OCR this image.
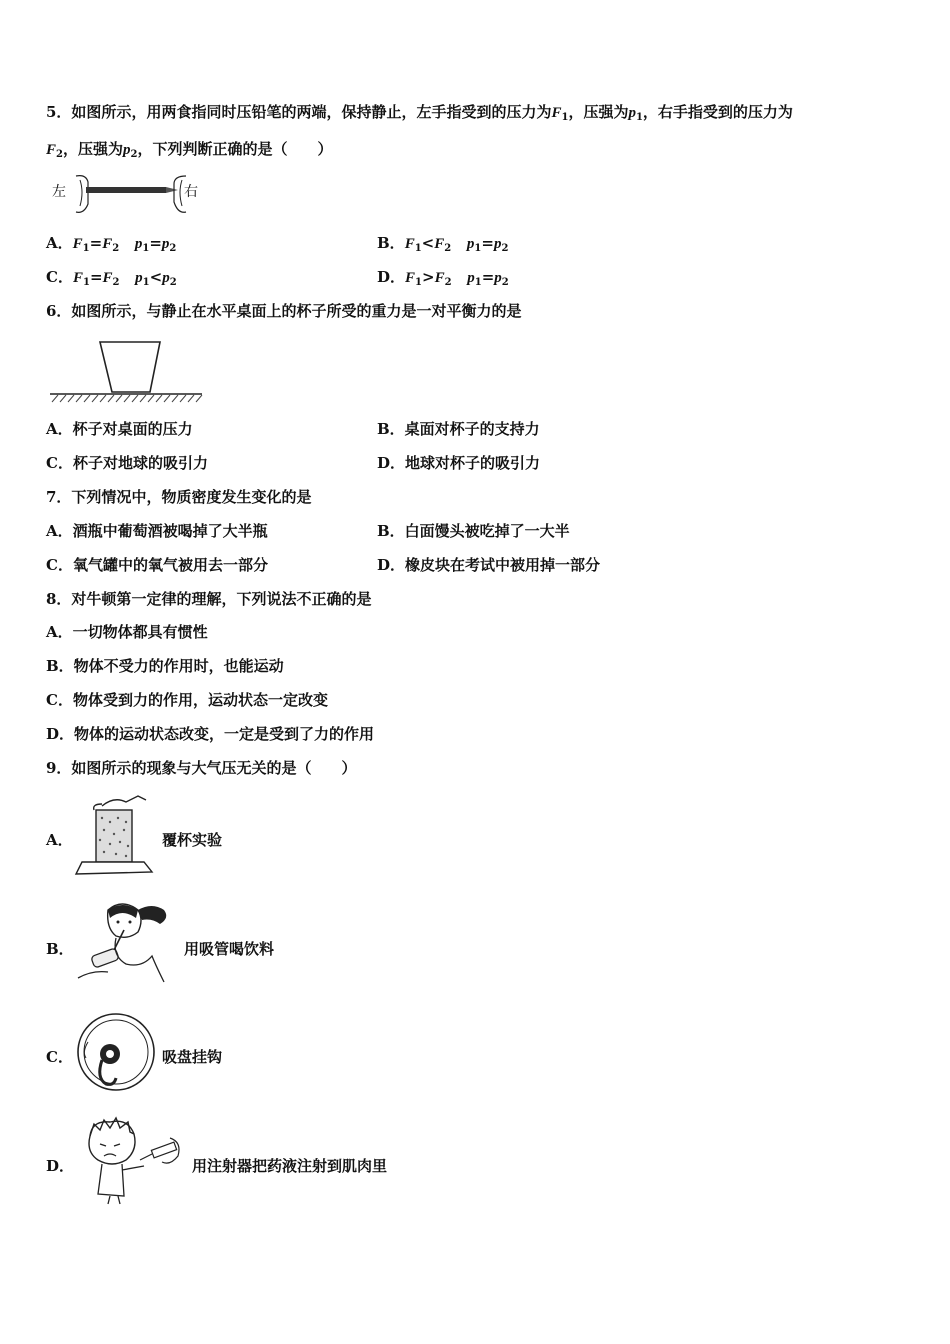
5．如图所示，用两食指同时压铅笔的两端，保持静止，左手指受到的压力为$F_1$，压强为$p_1$，右手指受到的压力为
$F_2$，压强为$p_2$，下列判断正确的是（　　）
左	右
A．$F_1=F_2$ $p_1=p_2$	B．$F_1<F_2$ $p_1=p_2$
C．$F_1=F_2$ $p_1<p_2$	D．$F_1>F_2$ $p_1=p_2$
6．如图所示，与静止在水平桌面上的杯子所受的重力是一对平衡力的是
A．杯子对桌面的压力	B．桌面对杯子的支持力
C．杯子对地球的吸引力	D．地球对杯子的吸引力
7．下列情况中，物质密度发生变化的是
A．酒瓶中葡萄酒被喝掉了大半瓶	B．白面馒头被吃掉了一大半
C．氧气罐中的氧气被用去一部分	D．橡皮块在考试中被用掉一部分
8．对牛顿第一定律的理解，下列说法不正确的是
A．一切物体都具有惯性
B．物体不受力的作用时，也能运动
C．物体受到力的作用，运动状态一定改变
D．物体的运动状态改变，一定是受到了力的作用
9．如图所示的现象与大气压无关的是（　　）
A．	覆杯实验
B．	用吸管喝饮料
C．	吸盘挂钩
D．	用注射器把药液注射到肌肉里
